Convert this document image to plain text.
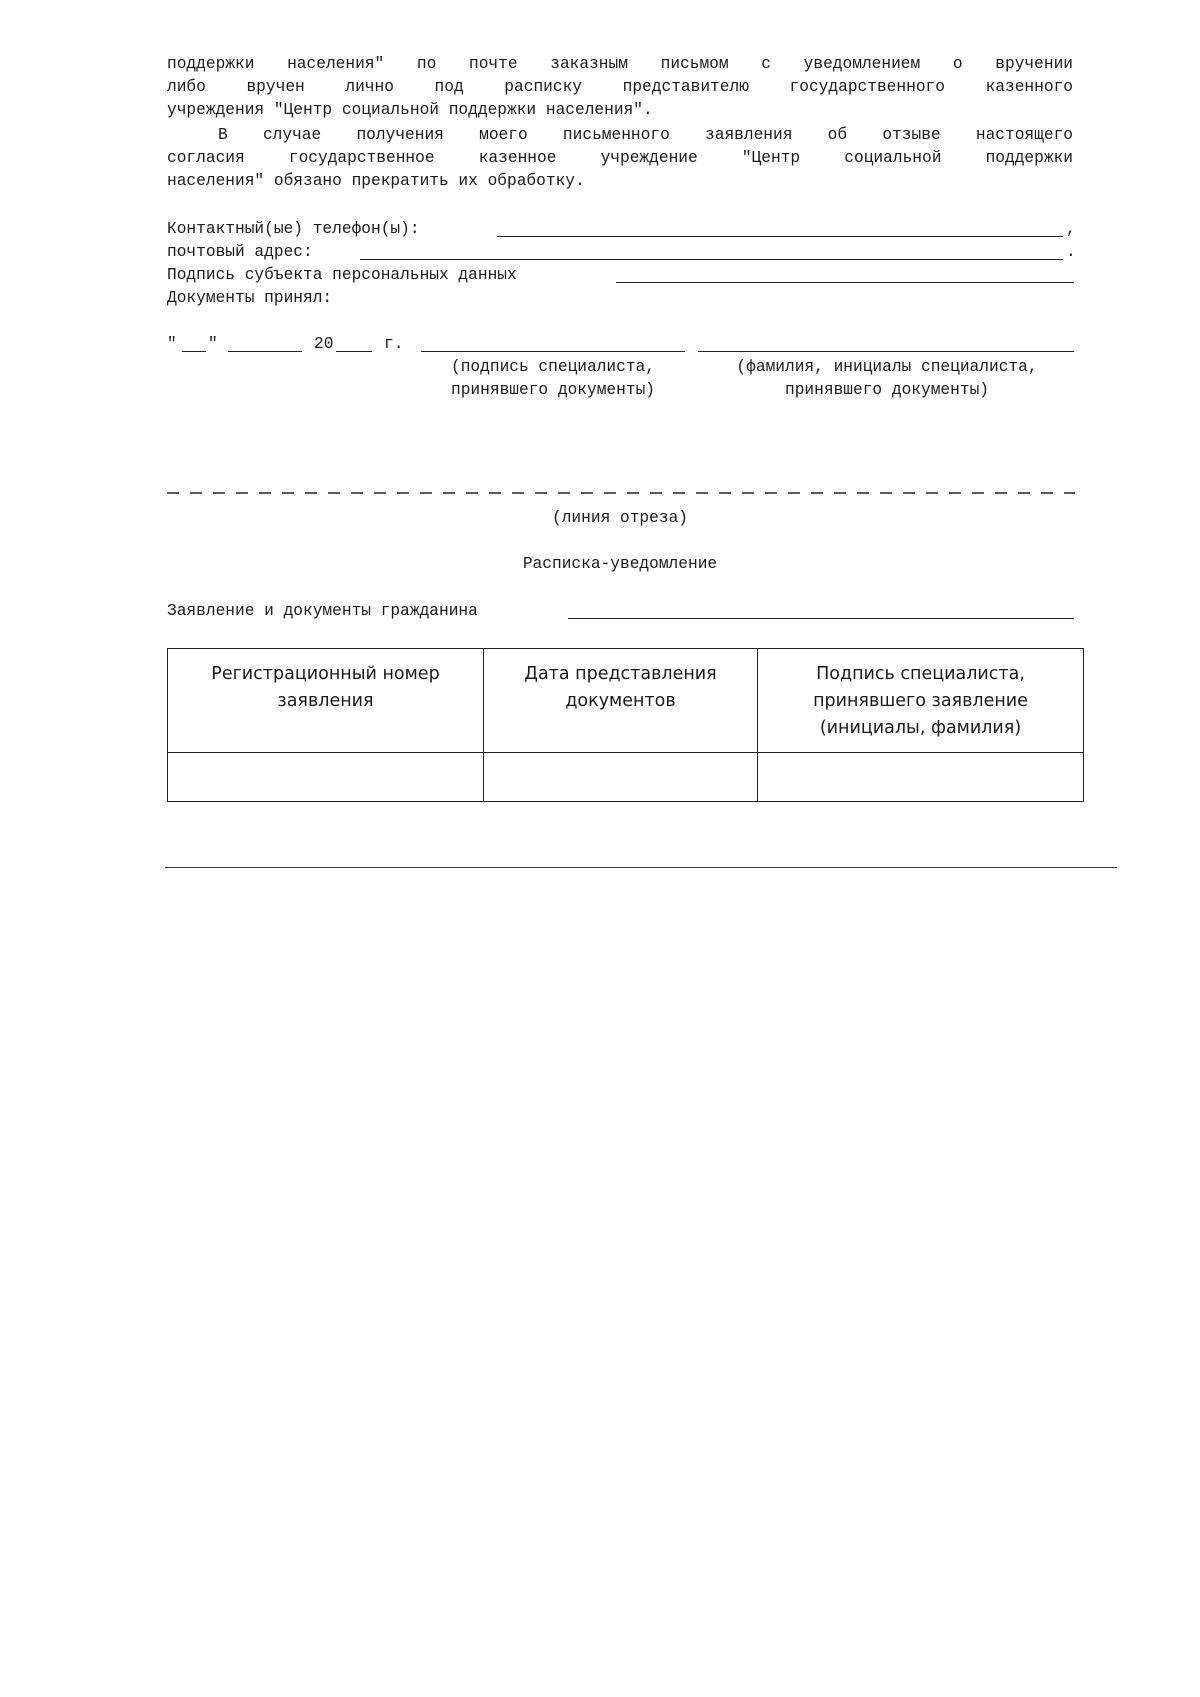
поддержки населения" по почте заказным письмом с уведомлением о вручении
либо вручен лично под расписку представителю государственного казенного
учреждения "Центр социальной поддержки населения".
В случае получения моего письменного заявления об отзыве настоящего
согласия государственное казенное учреждение "Центр социальной поддержки
населения" обязано прекратить их обработку.
Контактный(ые) телефон(ы):	,
почтовый адрес:	.
Подпись субъекта персональных данных
Документы принял:
" "	20	г.
(подпись специалиста,
принявшего документы)
(фамилия, инициалы специалиста,
принявшего документы)
(линия отреза)
Расписка-уведомление
Заявление и документы гражданина
Регистрационный номер заявления	Дата представления документов	Подпись специалиста, принявшего заявление (инициалы, фамилия)
